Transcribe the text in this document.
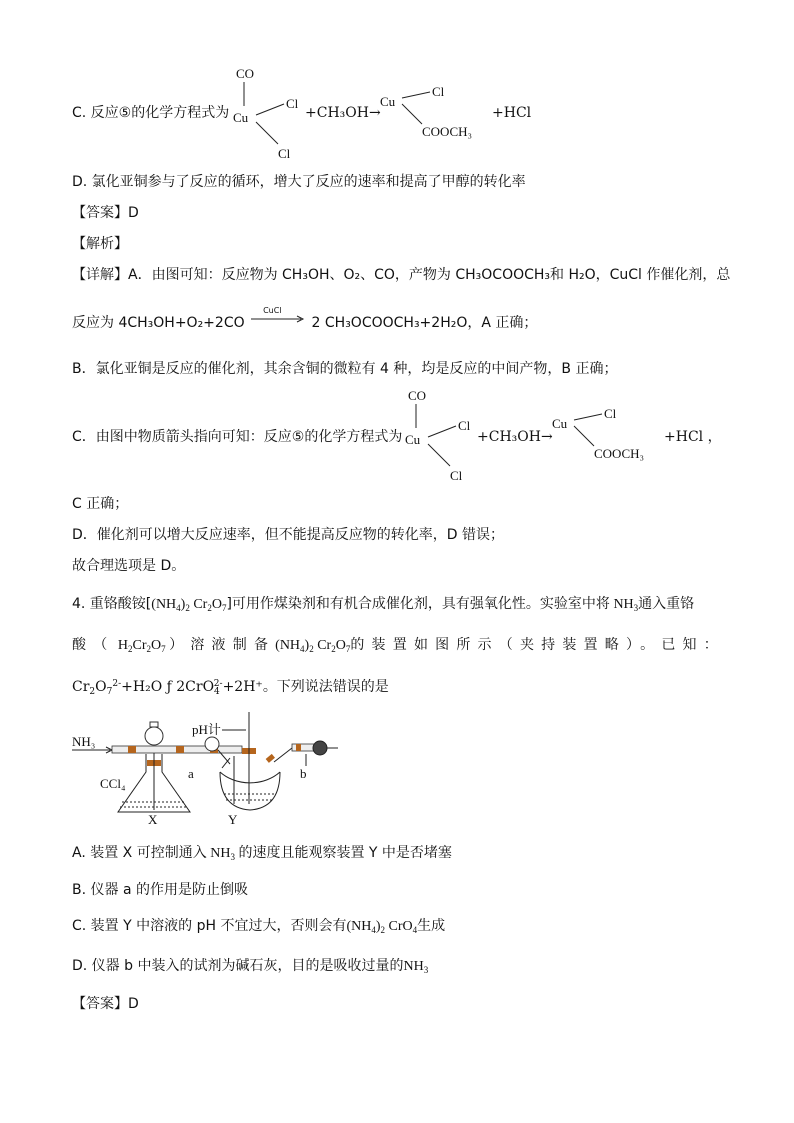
C. 反应⑤的化学方程式为
CO
Cu
Cl
Cl
+CH₃OH→
Cu
Cl
COOCH₃
+HCl
D. 氯化亚铜参与了反应的循环，增大了反应的速率和提高了甲醇的转化率
【答案】D
【解析】
【详解】A．由图可知：反应物为 CH₃OH、O₂、CO，产物为 CH₃OCOOCH₃和 H₂O，CuCl 作催化剂，总
反应为 4CH₃OH+O₂+2CO
CuCl
2 CH₃OCOOCH₃+2H₂O，A 正确；
B．氯化亚铜是反应的催化剂，其余含铜的微粒有 4 种，均是反应的中间产物，B 正确；
C．由图中物质箭头指向可知：反应⑤的化学方程式为
CO
Cu
Cl
Cl
+CH₃OH→
Cu
Cl
COOCH₃
+HCl ，
C 正确；
D．催化剂可以增大反应速率，但不能提高反应物的转化率，D 错误；
故合理选项是 D。
4. 重铬酸铵[$(NH_4)_2$ $Cr_2O_7$]可用作煤染剂和有机合成催化剂，具有强氧化性。实验室中将 $NH_3$通入重铬
酸（ $H_2Cr_2O_7$ ）溶液制备$(NH_4)_2$ $Cr_2O_7$的装置如图所示（夹持装置略）。已知：
$Cr_2O_7^{2-}+H_2O$ ƒ 2CrO$_4^{2-}$+2H⁺。下列说法错误的是
NH₃
CCl₄
X
a
pH计
b
Y
A. 装置 X 可控制通入 $NH_3$ 的速度且能观察装置 Y 中是否堵塞
B. 仪器 a 的作用是防止倒吸
C. 装置 Y 中溶液的 pH 不宜过大，否则会有$(NH_4)_2$ CrO$_4$生成
D. 仪器 b 中装入的试剂为碱石灰，目的是吸收过量的$NH_3$
【答案】D
